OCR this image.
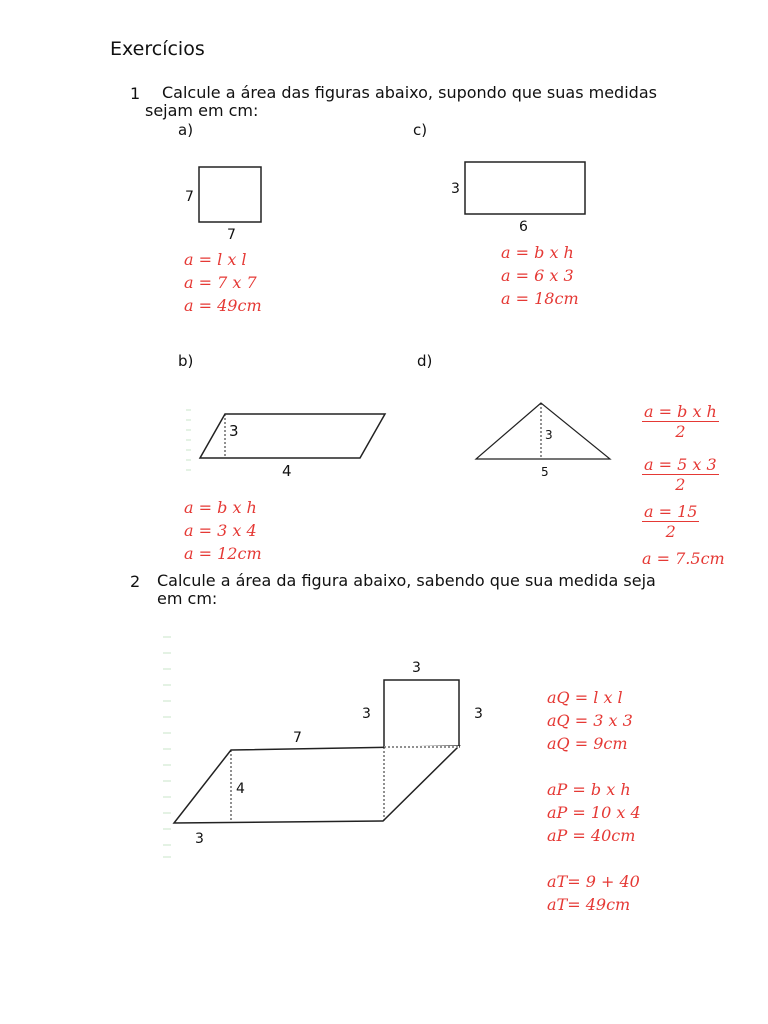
Exercícios
1 Calcule a área das figuras abaixo, supondo que suas medidas
sejam em cm:
a)	c)
b)	d)
7
7
3
6
3
4
3
5
3
3	3
7
4
3
a = l x l
a = 7 x 7
a = 49cm
a = b x h
a = 6 x 3
a = 18cm
a = b x h
a = 3 x 4
a = 12cm
$\frac{\text{a = b x h}}{2}$
$\frac{a = 5 x 3}{2}$
$\frac{a = 15}{2}$
a = 7.5cm
2 Calcule a área da figura abaixo, sabendo que sua medida seja
em cm:
aQ = l x l
aQ = 3 x 3
aQ = 9cm
aP = b x h
aP = 10 x 4
aP = 40cm
aT= 9 + 40
aT= 49cm
